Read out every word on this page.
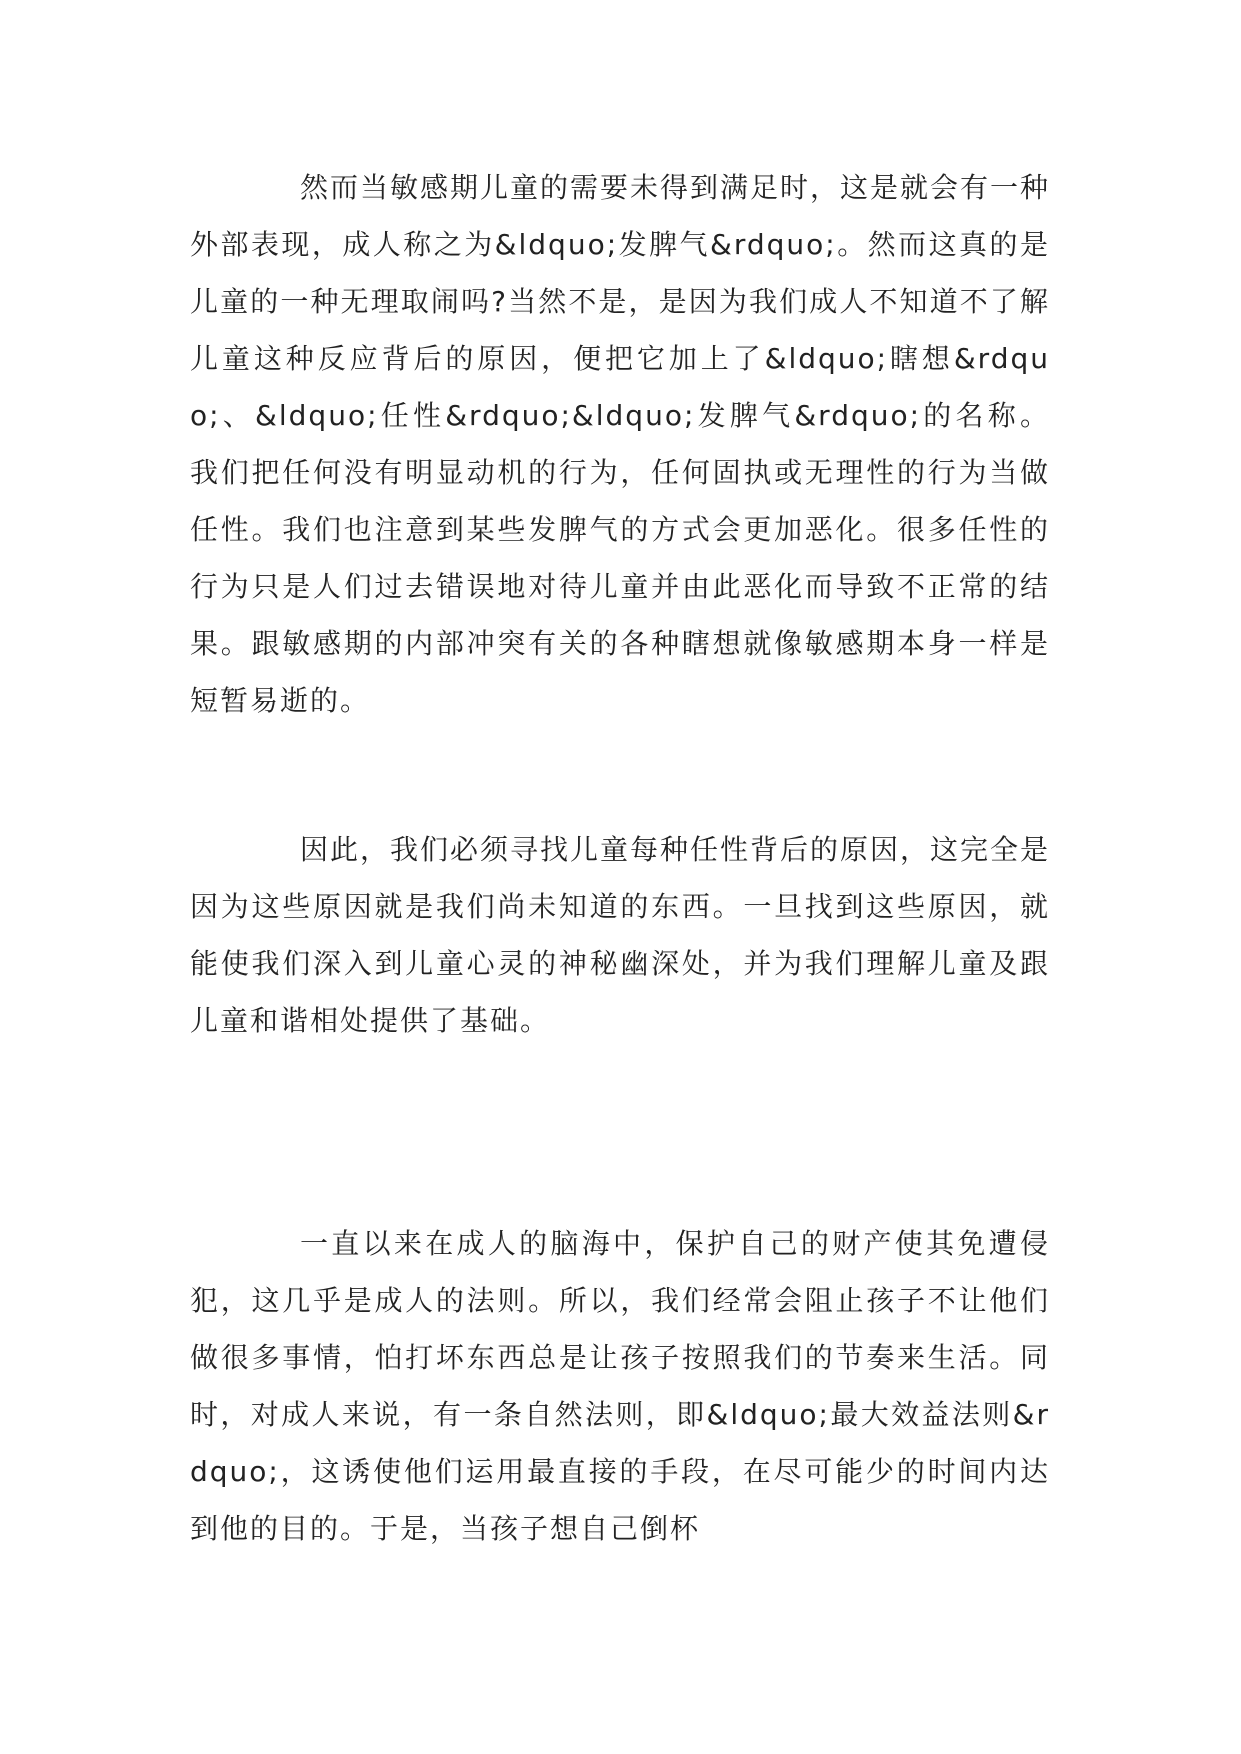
然而当敏感期儿童的需要未得到满足时，这是就会有一种外部表现，成人称之为&ldquo;发脾气&rdquo;。然而这真的是儿童的一种无理取闹吗?当然不是，是因为我们成人不知道不了解儿童这种反应背后的原因，便把它加上了&ldquo;瞎想&rdquo;、&ldquo;任性&rdquo;&ldquo;发脾气&rdquo;的名称。我们把任何没有明显动机的行为，任何固执或无理性的行为当做任性。我们也注意到某些发脾气的方式会更加恶化。很多任性的行为只是人们过去错误地对待儿童并由此恶化而导致不正常的结果。跟敏感期的内部冲突有关的各种瞎想就像敏感期本身一样是短暂易逝的。

因此，我们必须寻找儿童每种任性背后的原因，这完全是因为这些原因就是我们尚未知道的东西。一旦找到这些原因，就能使我们深入到儿童心灵的神秘幽深处，并为我们理解儿童及跟儿童和谐相处提供了基础。

一直以来在成人的脑海中，保护自己的财产使其免遭侵犯，这几乎是成人的法则。所以，我们经常会阻止孩子不让他们做很多事情，怕打坏东西总是让孩子按照我们的节奏来生活。同时，对成人来说，有一条自然法则，即&ldquo;最大效益法则&rdquo;，这诱使他们运用最直接的手段，在尽可能少的时间内达到他的目的。于是，当孩子想自己倒杯
